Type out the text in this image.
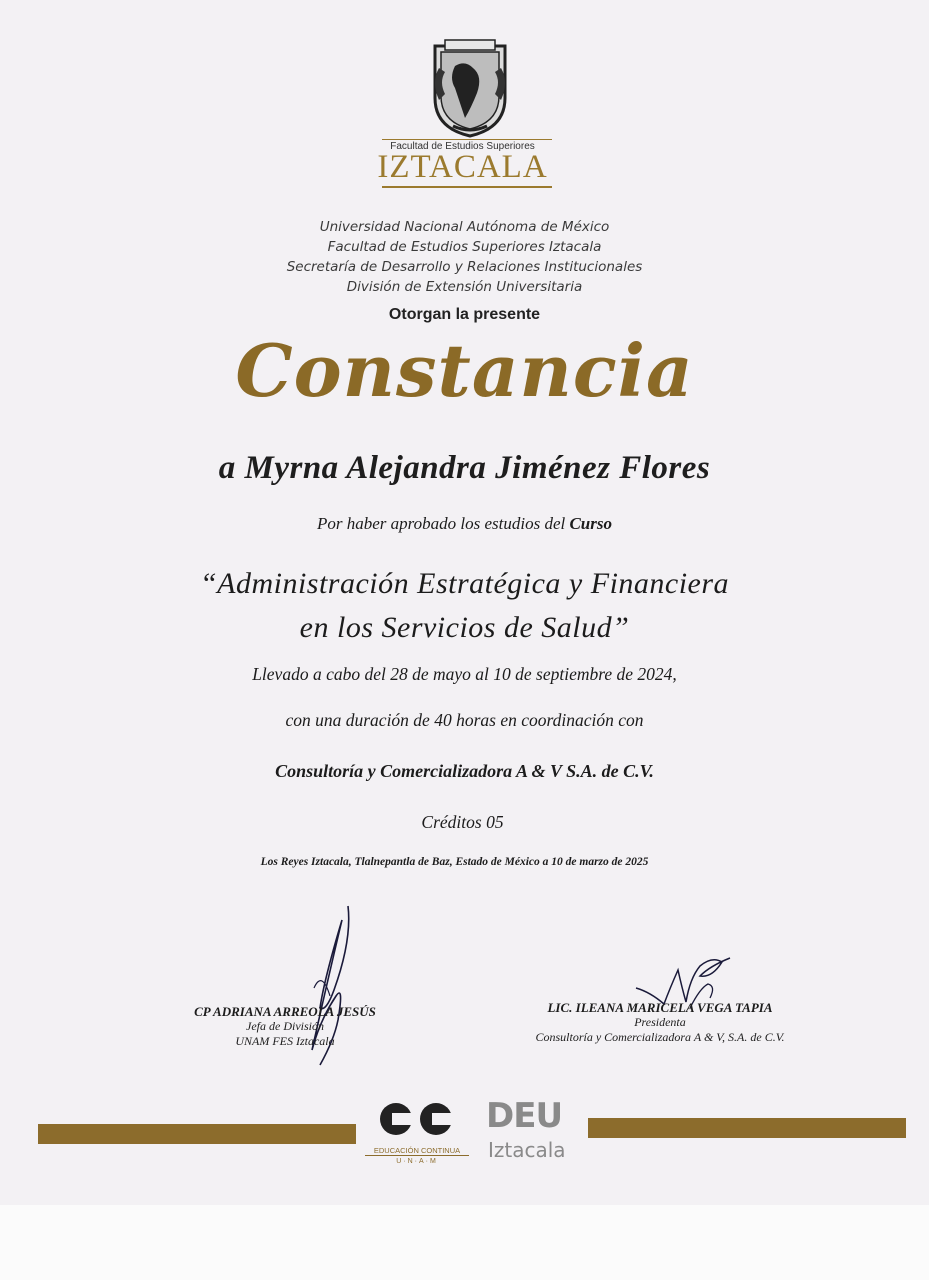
Facultad de Estudios Superiores
IZTACALA
Universidad Nacional Autónoma de México
Facultad de Estudios Superiores Iztacala
Secretaría de Desarrollo y Relaciones Institucionales
División de Extensión Universitaria
Otorgan la presente
Constancia
a Myrna Alejandra Jiménez Flores
Por haber aprobado los estudios del Curso
“Administración Estratégica y Financiera
en los Servicios de Salud”
Llevado a cabo del 28 de mayo al 10 de septiembre de 2024,
con una duración de 40 horas en coordinación con
Consultoría y Comercializadora A & V S.A. de C.V.
Créditos 05
Los Reyes Iztacala, Tlalnepantla de Baz, Estado de México a 10 de marzo de 2025
CP ADRIANA ARREOLA JESÚS
Jefa de División
UNAM FES Iztacala
LIC. ILEANA MARICELA VEGA TAPIA
Presidenta
Consultoría y Comercializadora A & V, S.A. de C.V.
EDUCACIÓN CONTINUA
U·N·A·M
DEU
Iztacala
